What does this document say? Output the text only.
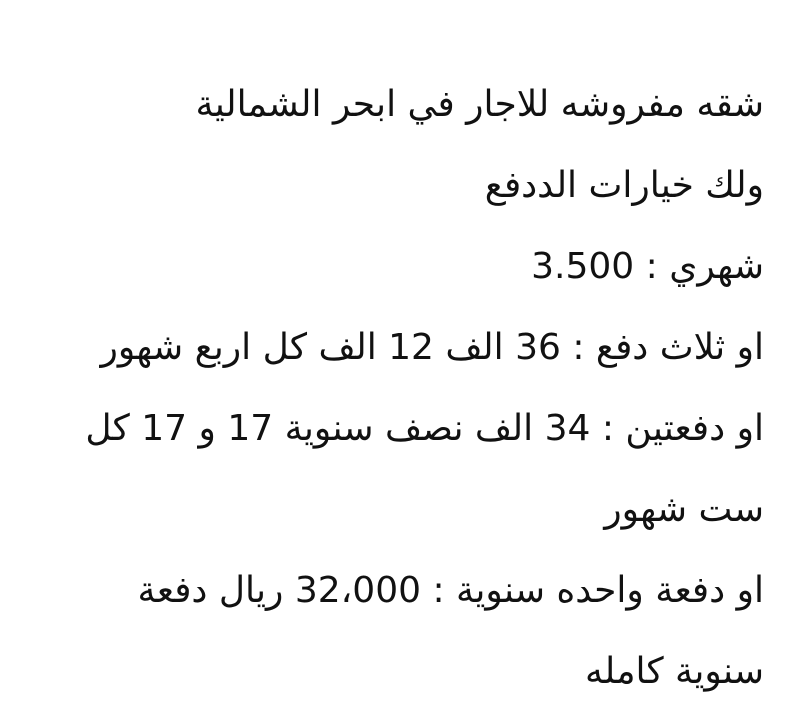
شقه مفروشه للاجار في ابحر الشمالية
ولك خيارات الددفع
شهري : 3.500
او ثلاث دفع : 36 الف 12 الف كل اربع شهور
او دفعتين : 34 الف نصف سنوية 17 و 17 كل ست شهور
او دفعة واحده سنوية : 32،000 ريال دفعة سنوية كامله
